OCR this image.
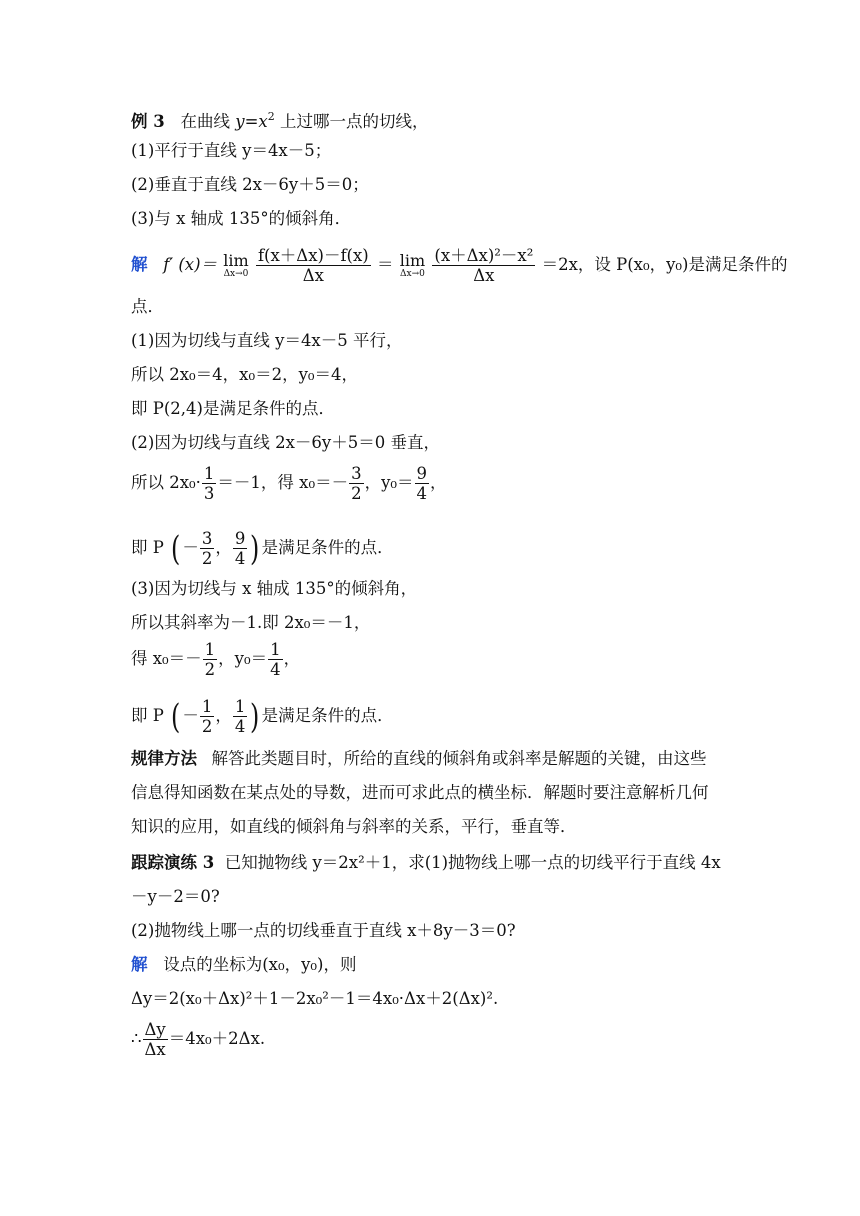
例 3 在曲线 $y=x^2$ 上过哪一点的切线，
(1)平行于直线 y＝4x－5；
(2)垂直于直线 2x－6y＋5＝0；
(3)与 x 轴成 135°的倾斜角．
解 f′ (x)＝ lim
Δx→0
$\frac{f(x+\Delta x)-f(x)}{\Delta x} = \lim$
Δx→0
$\frac{\text{(x＋Δx)²－x²}}{\Delta x} =2x$，设 P(x₀，y₀)是满足条件的
点．
(1)因为切线与直线 y＝4x－5 平行，
所以 2x₀＝4，x₀＝2，y₀＝4，
即 P(2,4)是满足条件的点．
(2)因为切线与直线 2x－6y＋5＝0 垂直，
所以 $2x_0\cdot \frac{1}{3} =-1$，得 $x_0=- \frac{3}{2}$ ，$y_0= \frac{9}{4}$ ，
即 P ( － $\frac{3}{2}$ ， $\frac{9}{4}$ ) 是满足条件的点．
(3)因为切线与 x 轴成 135°的倾斜角，
所以其斜率为－1.即 2x₀＝－1，
得 $x_0=- \frac{1}{2}$ ，$y_0= \frac{1}{4}$ ，
即 P ( － $\frac{1}{2}$ ， $\frac{1}{4}$ ) 是满足条件的点．
规律方法 解答此类题目时，所给的直线的倾斜角或斜率是解题的关键，由这些
信息得知函数在某点处的导数，进而可求此点的横坐标．解题时要注意解析几何
知识的应用，如直线的倾斜角与斜率的关系，平行，垂直等．
跟踪演练 3 已知抛物线 y＝2x²＋1，求(1)抛物线上哪一点的切线平行于直线 4x
－y－2＝0?
(2)抛物线上哪一点的切线垂直于直线 x＋8y－3＝0?
解 设点的坐标为(x₀，y₀)，则
Δy＝2(x₀＋Δx)²＋1－2x₀²－1＝4x₀·Δx＋2(Δx)².
∴ $\frac{\Delta y}{\Delta x} =4x_0+2\Delta x$.
